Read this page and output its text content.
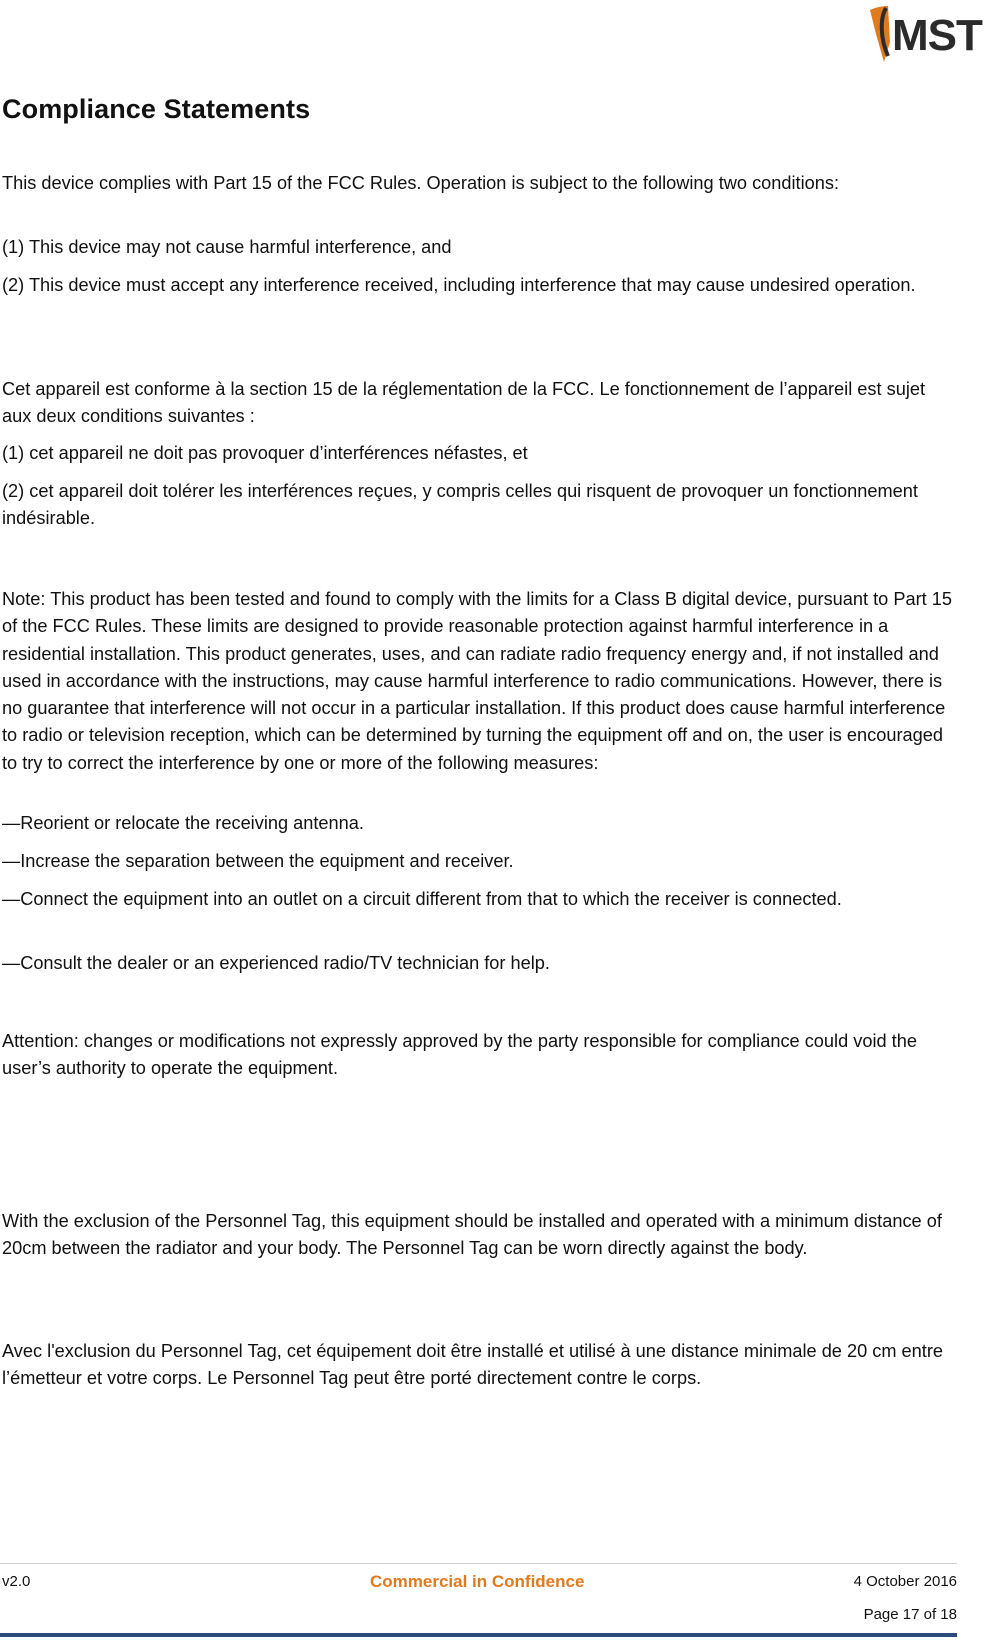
MST
Compliance Statements

This device complies with Part 15 of the FCC Rules. Operation is subject to the following two conditions:

(1) This device may not cause harmful interference, and

(2) This device must accept any interference received, including interference that may cause undesired operation.

Cet appareil est conforme à la section 15 de la réglementation de la FCC. Le fonctionnement de l’appareil est sujet aux deux conditions suivantes :

(1) cet appareil ne doit pas provoquer d’interférences néfastes, et

(2) cet appareil doit tolérer les interférences reçues, y compris celles qui risquent de provoquer un fonctionnement indésirable.

Note: This product has been tested and found to comply with the limits for a Class B digital device, pursuant to Part 15 of the FCC Rules. These limits are designed to provide reasonable protection against harmful interference in a residential installation. This product generates, uses, and can radiate radio frequency energy and, if not installed and used in accordance with the instructions, may cause harmful interference to radio communications. However, there is no guarantee that interference will not occur in a particular installation. If this product does cause harmful interference to radio or television reception, which can be determined by turning the equipment off and on, the user is encouraged to try to correct the interference by one or more of the following measures:

—Reorient or relocate the receiving antenna.

—Increase the separation between the equipment and receiver.

—Connect the equipment into an outlet on a circuit different from that to which the receiver is connected.

—Consult the dealer or an experienced radio/TV technician for help.

Attention: changes or modifications not expressly approved by the party responsible for compliance could void the user’s authority to operate the equipment.

With the exclusion of the Personnel Tag, this equipment should be installed and operated with a minimum distance of 20cm between the radiator and your body. The Personnel Tag can be worn directly against the body.

Avec l'exclusion du Personnel Tag, cet équipement doit être installé et utilisé à une distance minimale de 20 cm entre l’émetteur et votre corps. Le Personnel Tag peut être porté directement contre le corps.

v2.0	Commercial in Confidence	4 October 2016
Page 17 of 18
